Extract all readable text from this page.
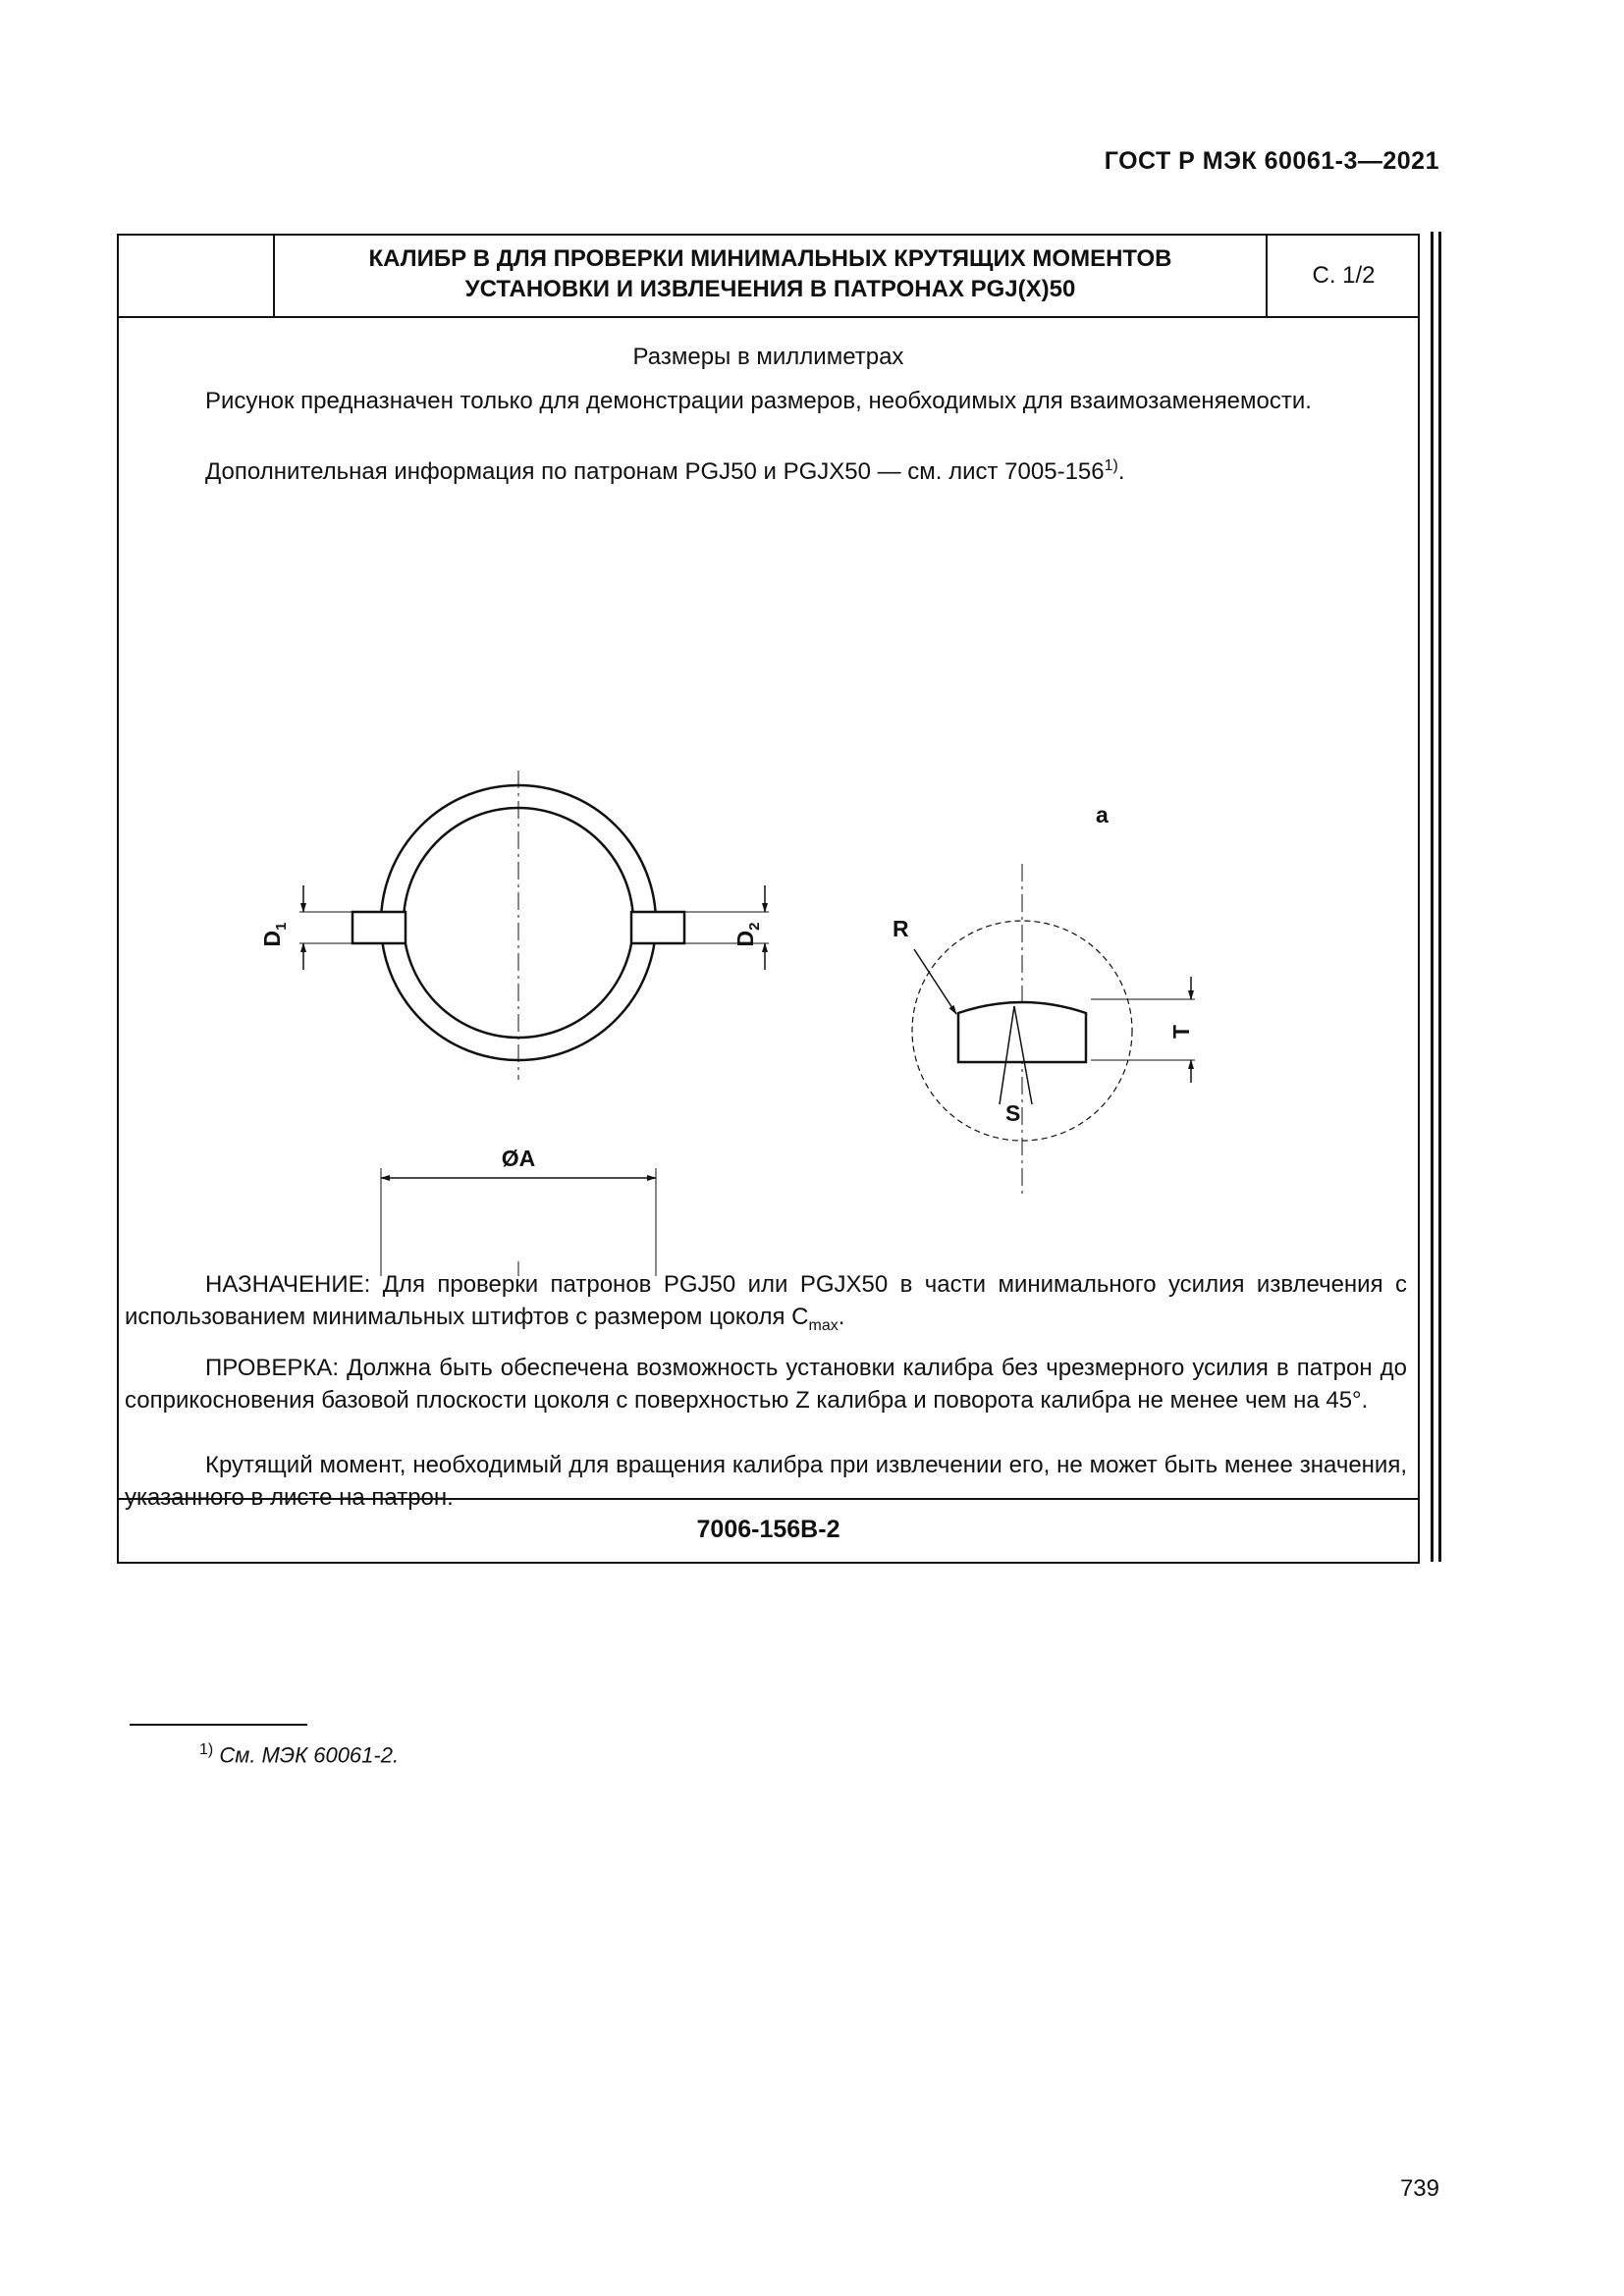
ГОСТ Р МЭК 60061-3—2021
КАЛИБР В ДЛЯ ПРОВЕРКИ МИНИМАЛЬНЫХ КРУТЯЩИХ МОМЕНТОВ
УСТАНОВКИ И ИЗВЛЕЧЕНИЯ В ПАТРОНАХ PGJ(X)50
С. 1/2
Размеры в миллиметрах
Рисунок предназначен только для демонстрации размеров, необходимых для взаимозаменяемости.
Дополнительная информация по патронам PGJ50 и PGJX50 — см. лист 7005-156$^{1)}$.
$D_1$
$D_2$
a
R
T
S
ØA
НАЗНАЧЕНИЕ: Для проверки патронов PGJ50 или PGJX50 в части минимального усилия извлечения с использованием минимальных штифтов с размером цоколя $C_{max}$.
ПРОВЕРКА: Должна быть обеспечена возможность установки калибра без чрезмерного усилия в патрон до соприкосновения базовой плоскости цоколя с поверхностью Z калибра и поворота калибра не менее чем на 45°.
Крутящий момент, необходимый для вращения калибра при извлечении его, не может быть менее значения, указанного в листе на патрон.
7006-156B-2
$^{1)}$ См. МЭК 60061-2.
739
